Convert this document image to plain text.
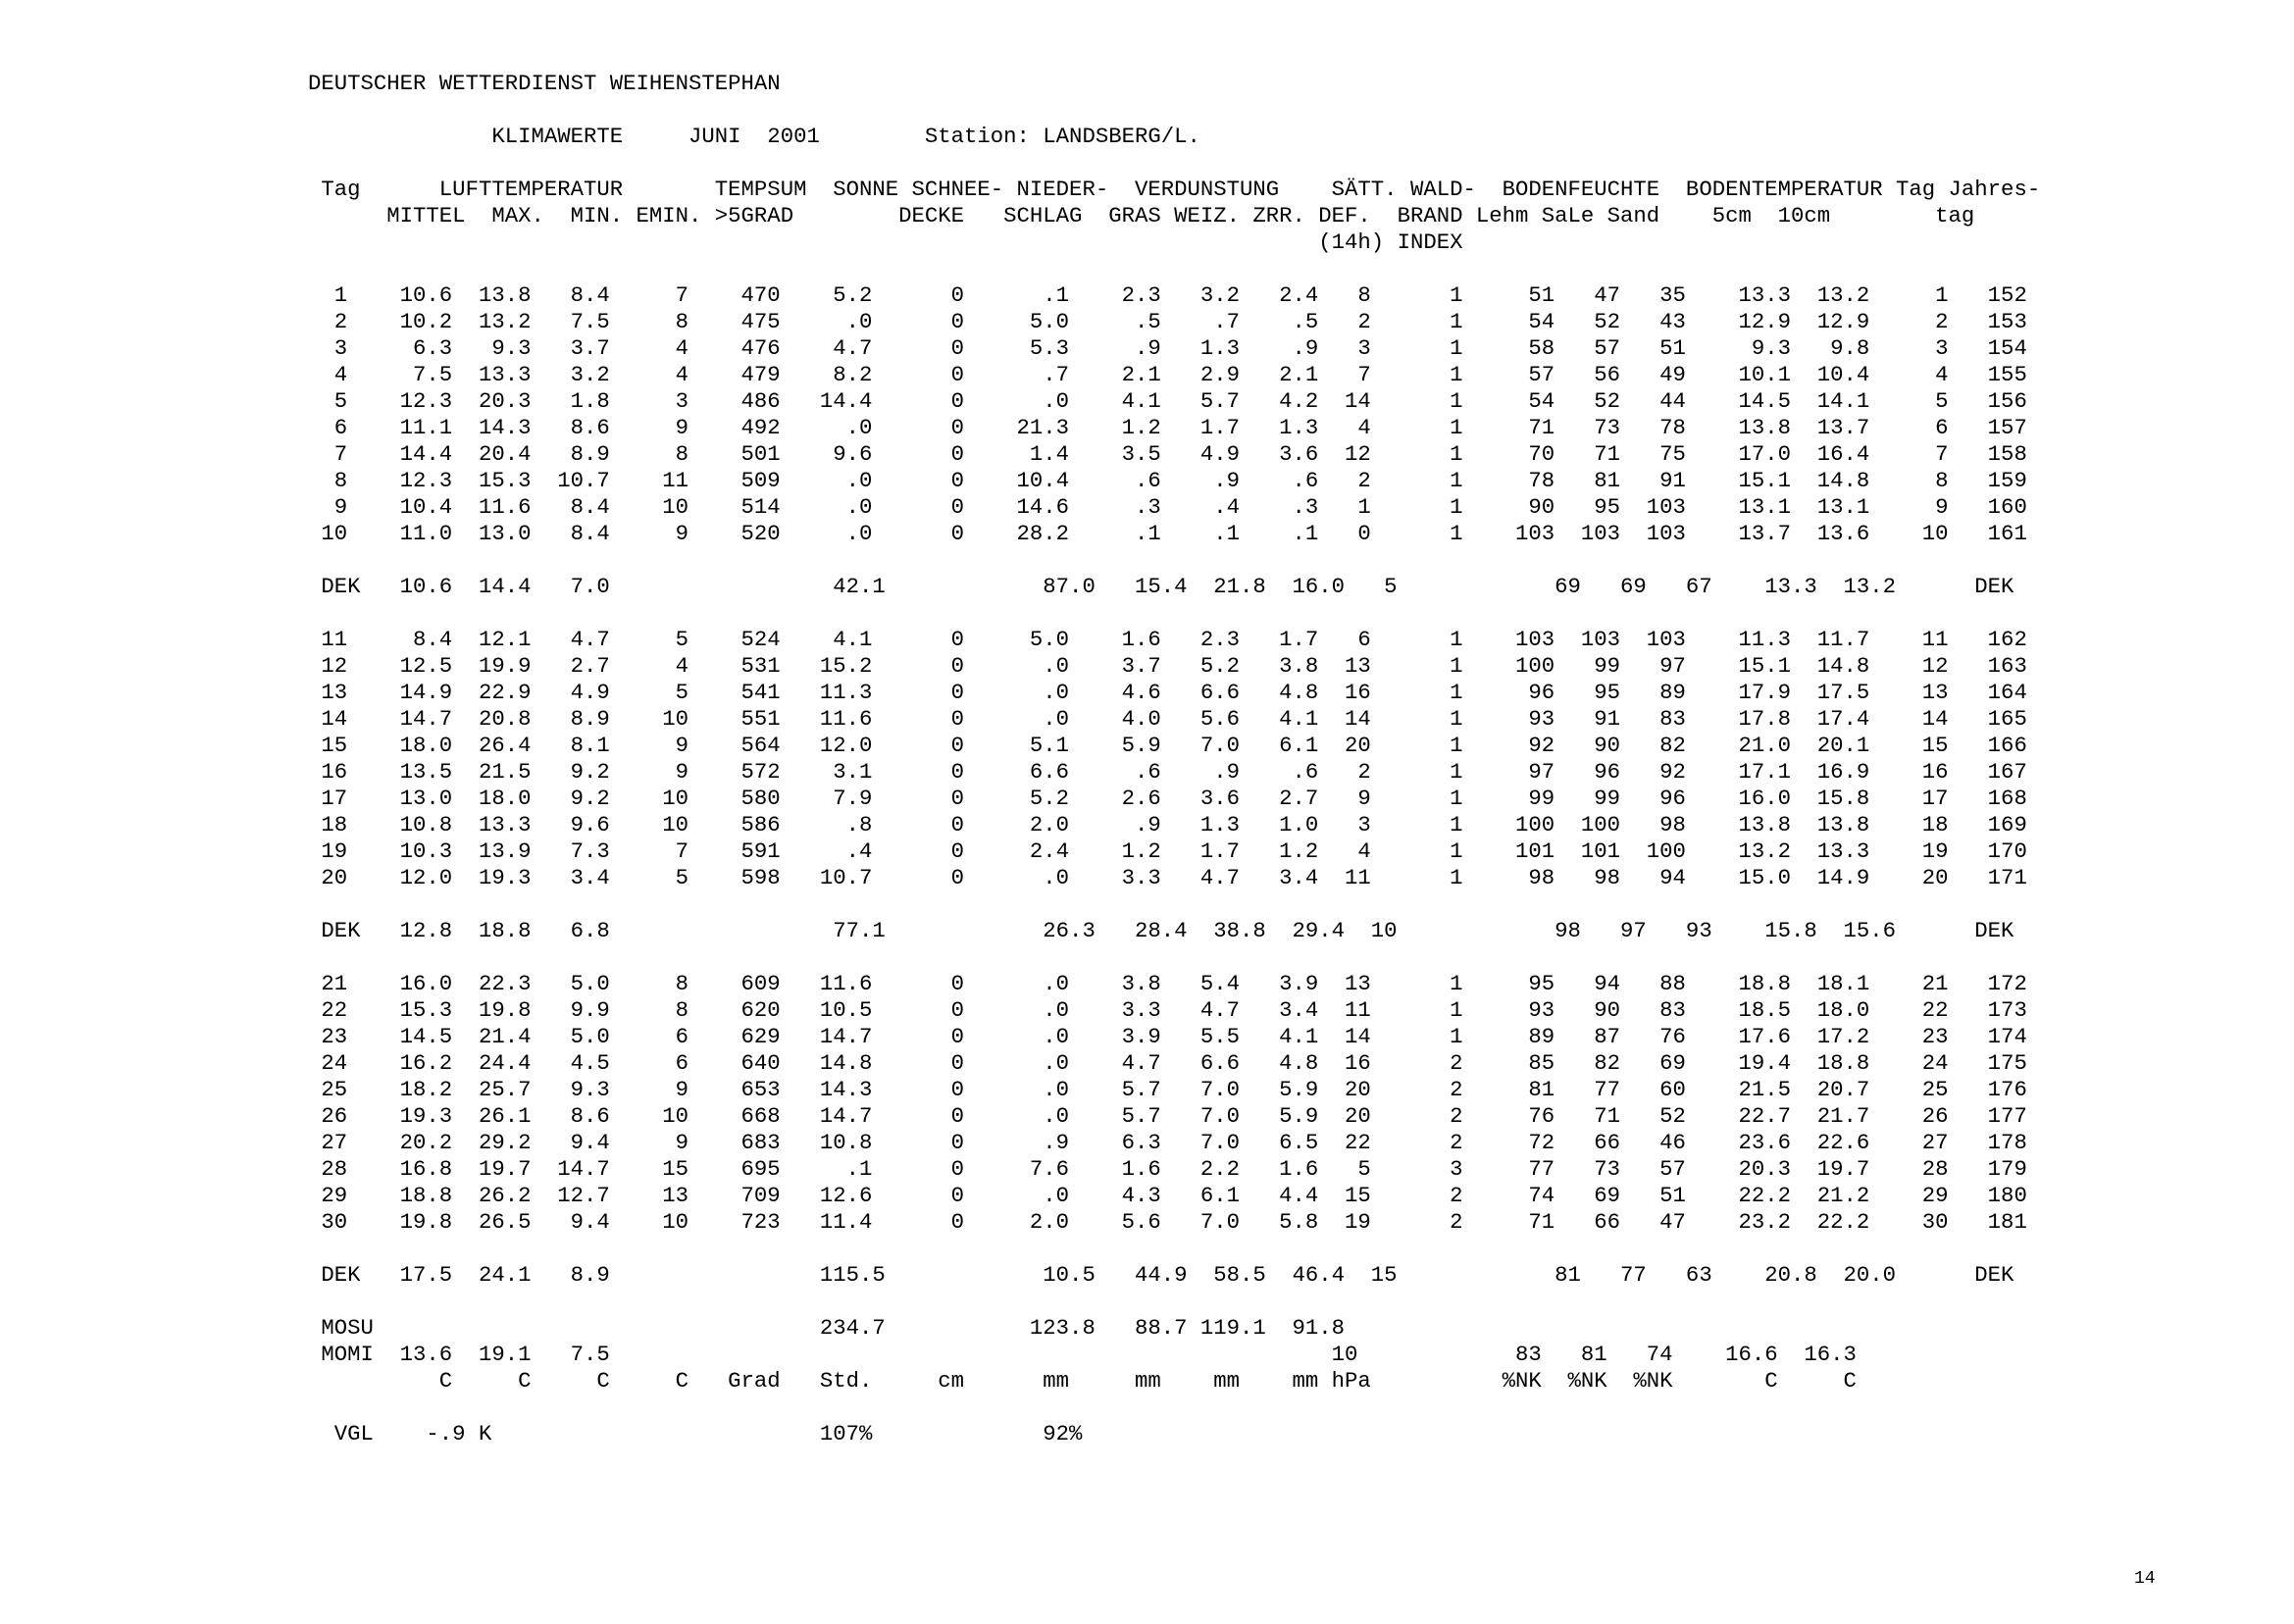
DEUTSCHER WETTERDIENST WEIHENSTEPHAN
KLIMAWERTE     JUNI  2001        Station: LANDSBERG/L.
Tag      LUFTTEMPERATUR       TEMPSUM  SONNE SCHNEE- NIEDER-  VERDUNSTUNG    SÄTT. WALD-  BODENFEUCHTE  BODENTEMPERATUR Tag Jahres-
MITTEL  MAX.  MIN. EMIN. >5GRAD        DECKE   SCHLAG  GRAS WEIZ. ZRR. DEF.  BRAND Lehm SaLe Sand    5cm  10cm        tag
(14h) INDEX
1    10.6  13.8   8.4     7    470    5.2      0      .1    2.3   3.2   2.4   8      1     51   47   35    13.3  13.2     1   152
2    10.2  13.2   7.5     8    475     .0      0     5.0     .5    .7    .5   2      1     54   52   43    12.9  12.9     2   153
3     6.3   9.3   3.7     4    476    4.7      0     5.3     .9   1.3    .9   3      1     58   57   51     9.3   9.8     3   154
4     7.5  13.3   3.2     4    479    8.2      0      .7    2.1   2.9   2.1   7      1     57   56   49    10.1  10.4     4   155
5    12.3  20.3   1.8     3    486   14.4      0      .0    4.1   5.7   4.2  14      1     54   52   44    14.5  14.1     5   156
6    11.1  14.3   8.6     9    492     .0      0    21.3    1.2   1.7   1.3   4      1     71   73   78    13.8  13.7     6   157
7    14.4  20.4   8.9     8    501    9.6      0     1.4    3.5   4.9   3.6  12      1     70   71   75    17.0  16.4     7   158
8    12.3  15.3  10.7    11    509     .0      0    10.4     .6    .9    .6   2      1     78   81   91    15.1  14.8     8   159
9    10.4  11.6   8.4    10    514     .0      0    14.6     .3    .4    .3   1      1     90   95  103    13.1  13.1     9   160
10    11.0  13.0   8.4     9    520     .0      0    28.2     .1    .1    .1   0      1    103  103  103    13.7  13.6    10   161
DEK   10.6  14.4   7.0                 42.1            87.0   15.4  21.8  16.0   5            69   69   67    13.3  13.2      DEK
11     8.4  12.1   4.7     5    524    4.1      0     5.0    1.6   2.3   1.7   6      1    103  103  103    11.3  11.7    11   162
12    12.5  19.9   2.7     4    531   15.2      0      .0    3.7   5.2   3.8  13      1    100   99   97    15.1  14.8    12   163
13    14.9  22.9   4.9     5    541   11.3      0      .0    4.6   6.6   4.8  16      1     96   95   89    17.9  17.5    13   164
14    14.7  20.8   8.9    10    551   11.6      0      .0    4.0   5.6   4.1  14      1     93   91   83    17.8  17.4    14   165
15    18.0  26.4   8.1     9    564   12.0      0     5.1    5.9   7.0   6.1  20      1     92   90   82    21.0  20.1    15   166
16    13.5  21.5   9.2     9    572    3.1      0     6.6     .6    .9    .6   2      1     97   96   92    17.1  16.9    16   167
17    13.0  18.0   9.2    10    580    7.9      0     5.2    2.6   3.6   2.7   9      1     99   99   96    16.0  15.8    17   168
18    10.8  13.3   9.6    10    586     .8      0     2.0     .9   1.3   1.0   3      1    100  100   98    13.8  13.8    18   169
19    10.3  13.9   7.3     7    591     .4      0     2.4    1.2   1.7   1.2   4      1    101  101  100    13.2  13.3    19   170
20    12.0  19.3   3.4     5    598   10.7      0      .0    3.3   4.7   3.4  11      1     98   98   94    15.0  14.9    20   171
DEK   12.8  18.8   6.8                 77.1            26.3   28.4  38.8  29.4  10            98   97   93    15.8  15.6      DEK
21    16.0  22.3   5.0     8    609   11.6      0      .0    3.8   5.4   3.9  13      1     95   94   88    18.8  18.1    21   172
22    15.3  19.8   9.9     8    620   10.5      0      .0    3.3   4.7   3.4  11      1     93   90   83    18.5  18.0    22   173
23    14.5  21.4   5.0     6    629   14.7      0      .0    3.9   5.5   4.1  14      1     89   87   76    17.6  17.2    23   174
24    16.2  24.4   4.5     6    640   14.8      0      .0    4.7   6.6   4.8  16      2     85   82   69    19.4  18.8    24   175
25    18.2  25.7   9.3     9    653   14.3      0      .0    5.7   7.0   5.9  20      2     81   77   60    21.5  20.7    25   176
26    19.3  26.1   8.6    10    668   14.7      0      .0    5.7   7.0   5.9  20      2     76   71   52    22.7  21.7    26   177
27    20.2  29.2   9.4     9    683   10.8      0      .9    6.3   7.0   6.5  22      2     72   66   46    23.6  22.6    27   178
28    16.8  19.7  14.7    15    695     .1      0     7.6    1.6   2.2   1.6   5      3     77   73   57    20.3  19.7    28   179
29    18.8  26.2  12.7    13    709   12.6      0      .0    4.3   6.1   4.4  15      2     74   69   51    22.2  21.2    29   180
30    19.8  26.5   9.4    10    723   11.4      0     2.0    5.6   7.0   5.8  19      2     71   66   47    23.2  22.2    30   181
DEK   17.5  24.1   8.9                115.5            10.5   44.9  58.5  46.4  15            81   77   63    20.8  20.0      DEK
MOSU                                  234.7           123.8   88.7 119.1  91.8
MOMI  13.6  19.1   7.5                                                       10            83   81   74    16.6  16.3
C     C     C     C   Grad   Std.     cm      mm     mm    mm    mm hPa          %NK  %NK  %NK       C     C
VGL    -.9 K                         107%             92%
14
